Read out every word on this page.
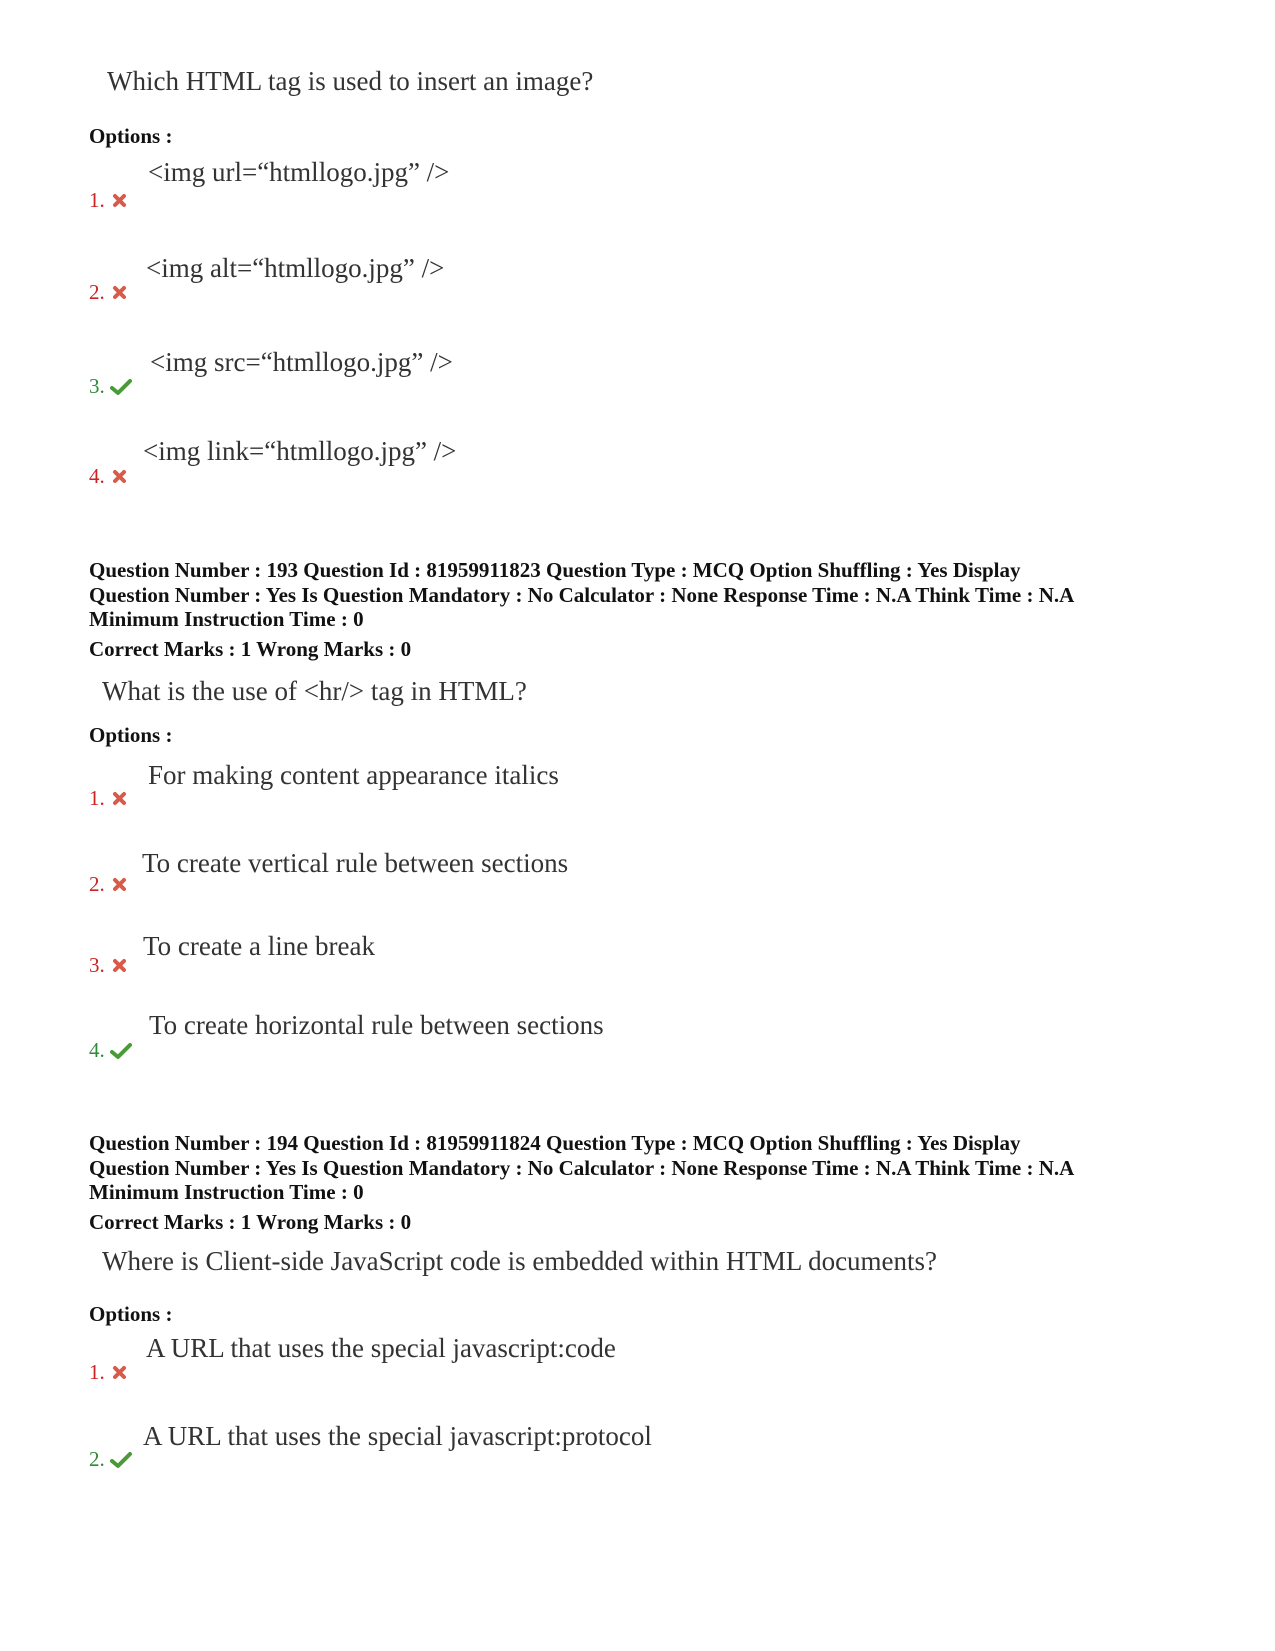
Which HTML tag is used to insert an image?
Options :
<img url=“htmllogo.jpg” />
1.
<img alt=“htmllogo.jpg” />
2.
<img src=“htmllogo.jpg” />
3.
<img link=“htmllogo.jpg” />
4.
Question Number : 193 Question Id : 81959911823 Question Type : MCQ Option Shuffling : Yes Display
Question Number : Yes Is Question Mandatory : No Calculator : None Response Time : N.A Think Time : N.A
Minimum Instruction Time : 0
Correct Marks : 1 Wrong Marks : 0
What is the use of <hr/> tag in HTML?
Options :
For making content appearance italics
1.
To create vertical rule between sections
2.
To create a line break
3.
To create horizontal rule between sections
4.
Question Number : 194 Question Id : 81959911824 Question Type : MCQ Option Shuffling : Yes Display
Question Number : Yes Is Question Mandatory : No Calculator : None Response Time : N.A Think Time : N.A
Minimum Instruction Time : 0
Correct Marks : 1 Wrong Marks : 0
Where is Client-side JavaScript code is embedded within HTML documents?
Options :
A URL that uses the special javascript:code
1.
A URL that uses the special javascript:protocol
2.
